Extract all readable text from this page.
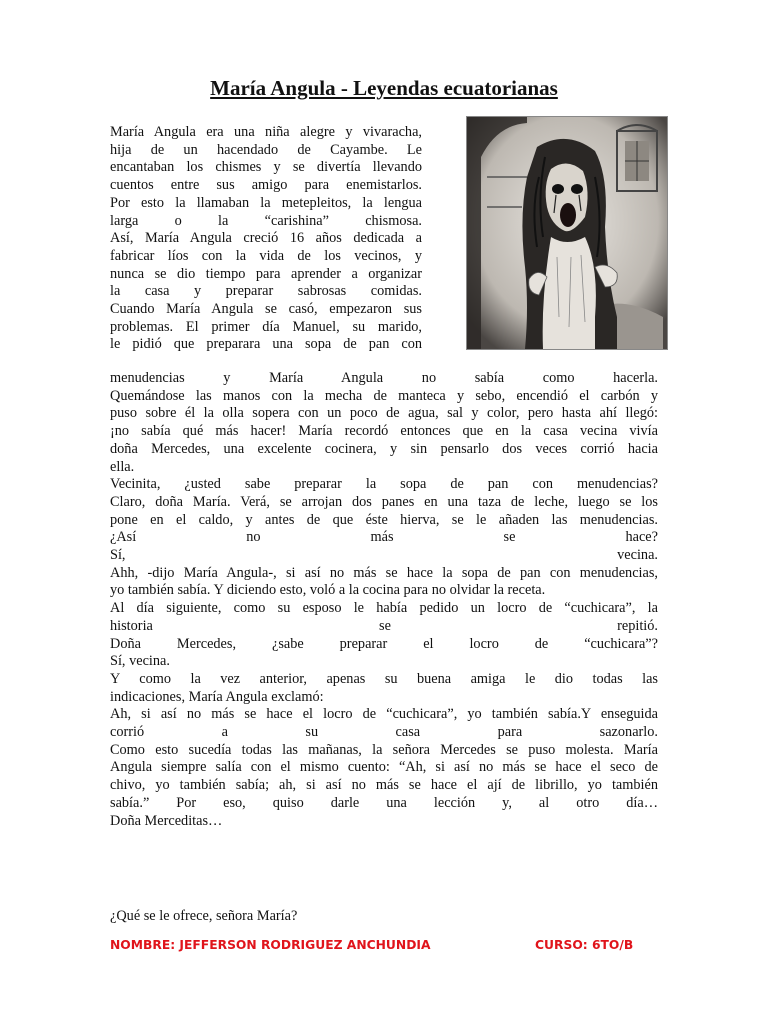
María Angula - Leyendas ecuatorianas
María Angula era una niña alegre y vivaracha,
hija de un hacendado de Cayambe. Le
encantaban los chismes y se divertía llevando
cuentos entre sus amigo para enemistarlos.
Por esto la llamaban la metepleitos, la lengua
larga o la “carishina” chismosa.
Así, María Angula creció 16 años dedicada a
fabricar líos con la vida de los vecinos, y
nunca se dio tiempo para aprender a organizar
la casa y preparar sabrosas comidas.
Cuando María Angula se casó, empezaron sus
problemas. El primer día Manuel, su marido,
le pidió que preparara una sopa de pan con
menudencias y María Angula no sabía como hacerla.
Quemándose las manos con la mecha de manteca y sebo, encendió el carbón y
puso sobre él la olla sopera con un poco de agua, sal y color, pero hasta ahí llegó:
¡no sabía qué más hacer! María recordó entonces que en la casa vecina vivía
doña Mercedes, una excelente cocinera, y sin pensarlo dos veces corrió hacia
ella.
Vecinita, ¿usted sabe preparar la sopa de pan con menudencias?
Claro, doña María. Verá, se arrojan dos panes en una taza de leche, luego se los
pone en el caldo, y antes de que éste hierva, se le añaden las menudencias.
¿Así no más se hace?
Sí, vecina.
Ahh, -dijo María Angula-, si así no más se hace la sopa de pan con menudencias,
yo también sabía. Y diciendo esto, voló a la cocina para no olvidar la receta.
Al día siguiente, como su esposo le había pedido un locro de “cuchicara”, la
historia se repitió.
Doña Mercedes, ¿sabe preparar el locro de “cuchicara”?
Sí, vecina.
Y como la vez anterior, apenas su buena amiga le dio todas las
indicaciones, María Angula exclamó:
Ah, si así no más se hace el locro de “cuchicara”, yo también sabía.Y enseguida
corrió a su casa para sazonarlo.
Como esto sucedía todas las mañanas, la señora Mercedes se puso molesta. María
Angula siempre salía con el mismo cuento: “Ah, si así no más se hace el seco de
chivo, yo también sabía; ah, si así no más se hace el ají de librillo, yo también
sabía.” Por eso, quiso darle una lección y, al otro día…
Doña Merceditas…
¿Qué se le ofrece, señora María?
NOMBRE: JEFFERSON RODRIGUEZ ANCHUNDIA	CURSO: 6TO/B
